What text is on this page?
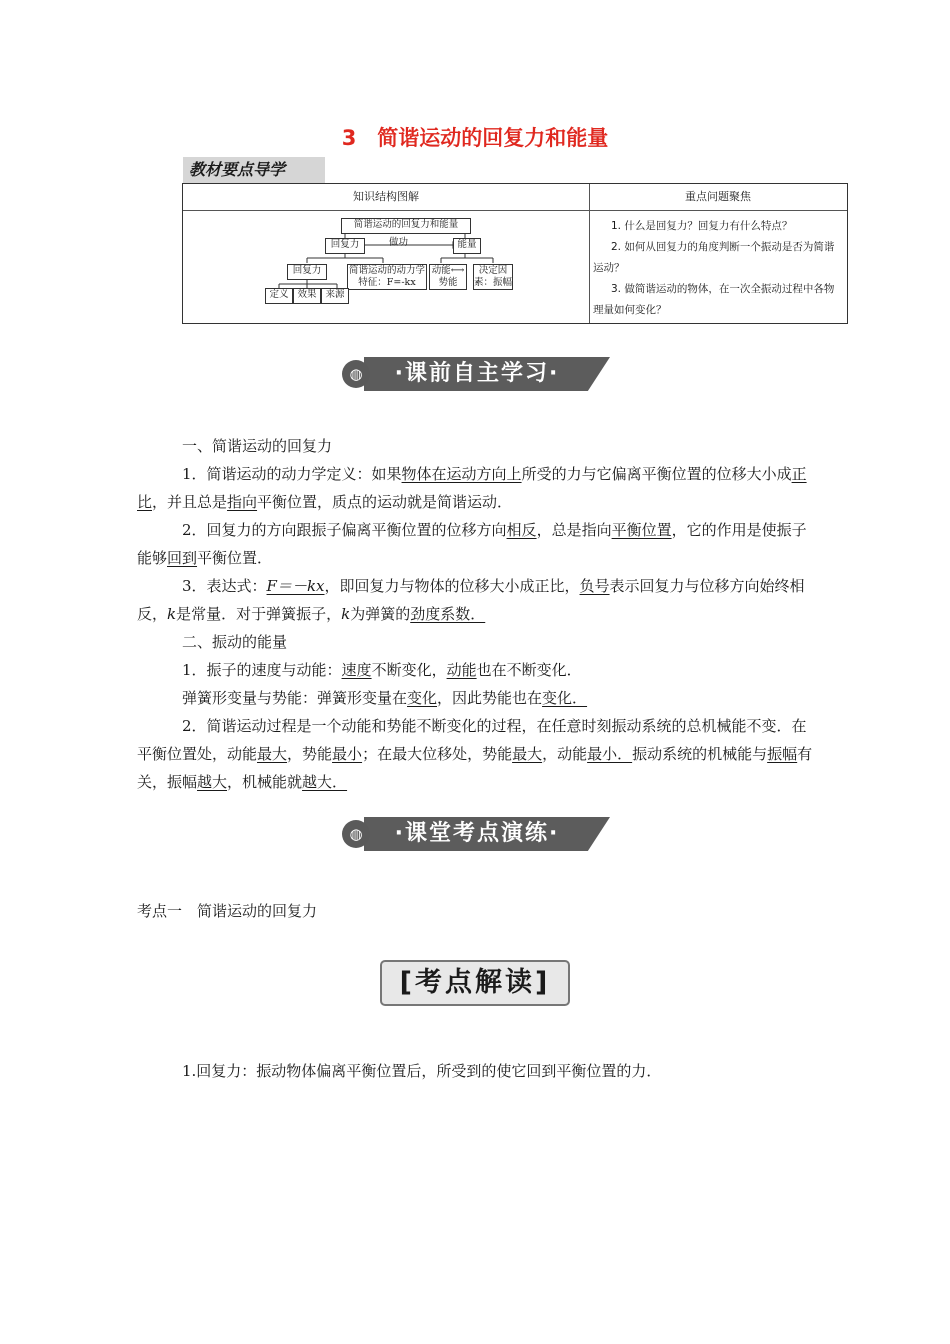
3　简谐运动的回复力和能量
教材要点导学
知识结构图解	重点问题聚焦
简谐运动的回复力和能量
回复力	做功	能量
回复力	简谐运动的动力学特征：F=-kx
动能⟷势能
决定因素：振幅
定义 效果 来源

1. 什么是回复力？回复力有什么特点？

2. 如何从回复力的角度判断一个振动是否为简谐运动？

3. 做简谐运动的物体，在一次全振动过程中各物理量如何变化？

◍	·课前自主学习·

一、简谐运动的回复力

1．简谐运动的动力学定义：如果物体在运动方向上所受的力与它偏离平衡位置的位移大小成正比，并且总是指向平衡位置，质点的运动就是简谐运动．

2．回复力的方向跟振子偏离平衡位置的位移方向相反，总是指向平衡位置，它的作用是使振子能够回到平衡位置．

3．表达式：F＝－kx，即回复力与物体的位移大小成正比，负号表示回复力与位移方向始终相反，k是常量．对于弹簧振子，k为弹簧的劲度系数．

二、振动的能量

1．振子的速度与动能：速度不断变化，动能也在不断变化．

弹簧形变量与势能：弹簧形变量在变化，因此势能也在变化．

2．简谐运动过程是一个动能和势能不断变化的过程，在任意时刻振动系统的总机械能不变．在平衡位置处，动能最大，势能最小；在最大位移处，势能最大，动能最小．振动系统的机械能与振幅有关，振幅越大，机械能就越大．

◍	·课堂考点演练·
考点一　简谐运动的回复力
[考点解读]
1.回复力：振动物体偏离平衡位置后，所受到的使它回到平衡位置的力．
